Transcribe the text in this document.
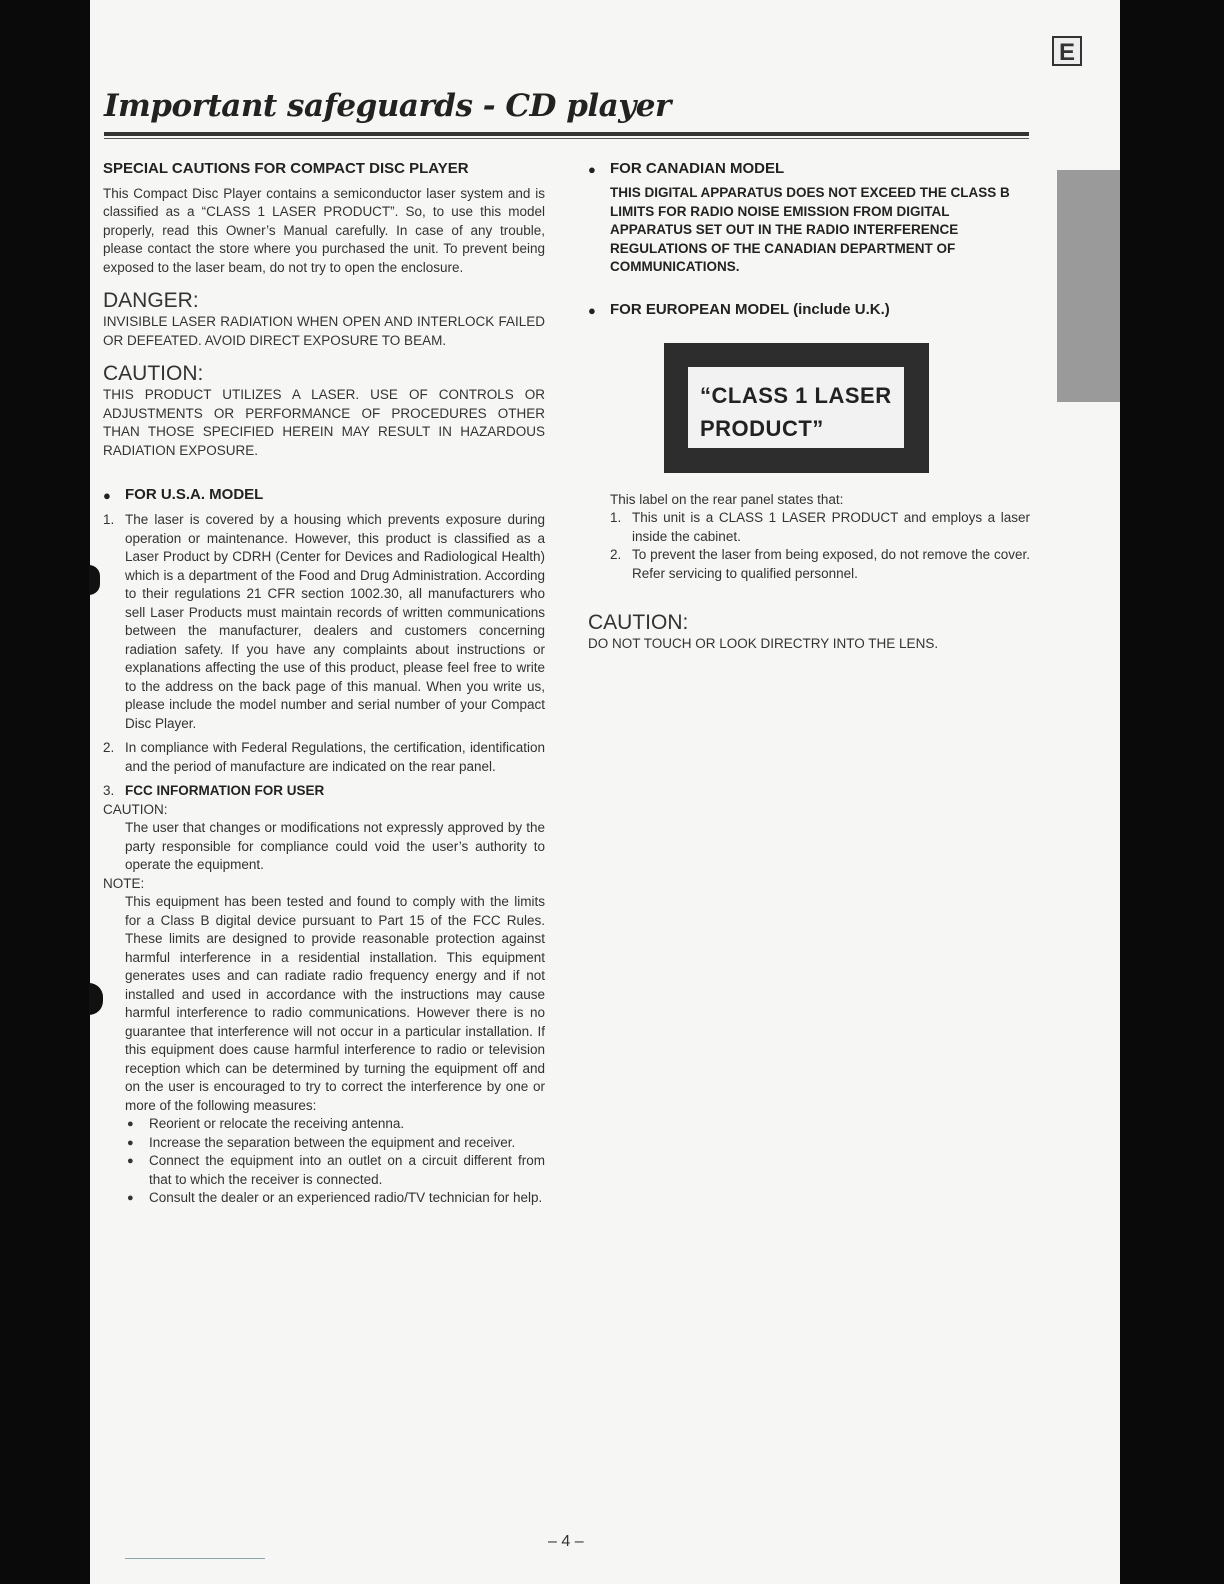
E
Important safeguards - CD player

SPECIAL CAUTIONS FOR COMPACT DISC PLAYER

This Compact Disc Player contains a semiconductor laser system and is classified as a “CLASS 1 LASER PRODUCT”. So, to use this model properly, read this Owner’s Manual carefully. In case of any trouble, please contact the store where you purchased the unit. To prevent being exposed to the laser beam, do not try to open the enclosure.

DANGER:

INVISIBLE LASER RADIATION WHEN OPEN AND INTERLOCK FAILED OR DEFEATED. AVOID DIRECT EXPOSURE TO BEAM.

CAUTION:

THIS PRODUCT UTILIZES A LASER. USE OF CONTROLS OR ADJUSTMENTS OR PERFORMANCE OF PROCEDURES OTHER THAN THOSE SPECIFIED HEREIN MAY RESULT IN HAZARDOUS RADIATION EXPOSURE.

● FOR U.S.A. MODEL
1. The laser is covered by a housing which prevents exposure during operation or maintenance. However, this product is classified as a Laser Product by CDRH (Center for Devices and Radiological Health) which is a department of the Food and Drug Administration. According to their regulations 21 CFR section 1002.30, all manufacturers who sell Laser Products must maintain records of written communications between the manufacturer, dealers and customers concerning radiation safety. If you have any complaints about instructions or explanations affecting the use of this product, please feel free to write to the address on the back page of this manual. When you write us, please include the model number and serial number of your Compact Disc Player.
2. In compliance with Federal Regulations, the certification, identification and the period of manufacture are indicated on the rear panel.
3. FCC INFORMATION FOR USER
CAUTION:
The user that changes or modifications not expressly approved by the party responsible for compliance could void the user’s authority to operate the equipment.
NOTE:
This equipment has been tested and found to comply with the limits for a Class B digital device pursuant to Part 15 of the FCC Rules. These limits are designed to provide reasonable protection against harmful interference in a residential installation. This equipment generates uses and can radiate radio frequency energy and if not installed and used in accordance with the instructions may cause harmful interference to radio communications. However there is no guarantee that interference will not occur in a particular installation. If this equipment does cause harmful interference to radio or television reception which can be determined by turning the equipment off and on the user is encouraged to try to correct the interference by one or more of the following measures:
●	Reorient or relocate the receiving antenna.
●	Increase the separation between the equipment and receiver.
●	Connect the equipment into an outlet on a circuit different from that to which the receiver is connected.
●	Consult the dealer or an experienced radio/TV technician for help.
● FOR CANADIAN MODEL

THIS DIGITAL APPARATUS DOES NOT EXCEED THE CLASS B LIMITS FOR RADIO NOISE EMISSION FROM DIGITAL APPARATUS SET OUT IN THE RADIO INTERFERENCE REGULATIONS OF THE CANADIAN DEPARTMENT OF COMMUNICATIONS.

● FOR EUROPEAN MODEL (include U.K.)
This label on the rear panel states that:
1. This unit is a CLASS 1 LASER PRODUCT and employs a laser inside the cabinet.
2. To prevent the laser from being exposed, do not remove the cover. Refer servicing to qualified personnel.

CAUTION:

DO NOT TOUCH OR LOOK DIRECTRY INTO THE LENS.

“CLASS 1 LASER
PRODUCT”
– 4 –
